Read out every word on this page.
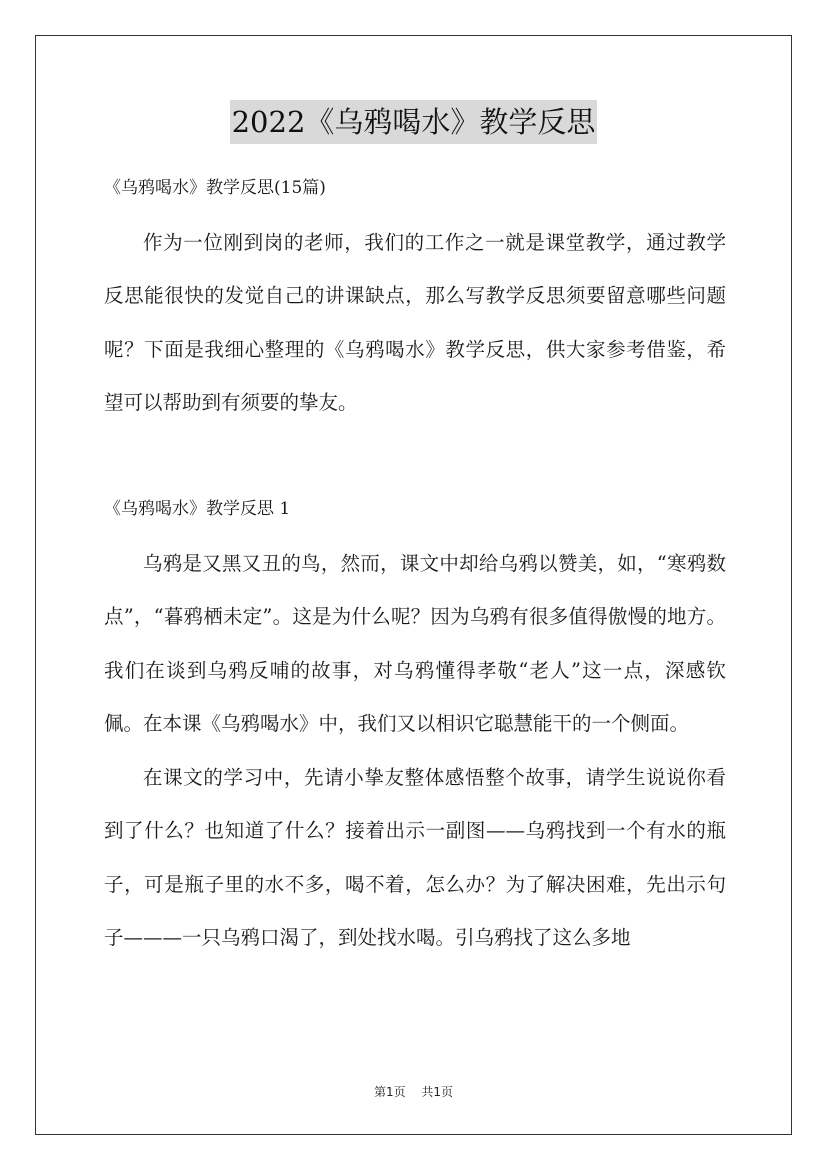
2022《乌鸦喝水》教学反思

《乌鸦喝水》教学反思(15篇)

作为一位刚到岗的老师，我们的工作之一就是课堂教学，通过教学反思能很快的发觉自己的讲课缺点，那么写教学反思须要留意哪些问题呢？下面是我细心整理的《乌鸦喝水》教学反思，供大家参考借鉴，希望可以帮助到有须要的挚友。

《乌鸦喝水》教学反思 1

乌鸦是又黑又丑的鸟，然而，课文中却给乌鸦以赞美，如，“寒鸦数点”，“暮鸦栖未定”。这是为什么呢？因为乌鸦有很多值得傲慢的地方。我们在谈到乌鸦反哺的故事，对乌鸦懂得孝敬“老人”这一点，深感钦佩。在本课《乌鸦喝水》中，我们又以相识它聪慧能干的一个侧面。

在课文的学习中，先请小挚友整体感悟整个故事，请学生说说你看到了什么？也知道了什么？接着出示一副图——乌鸦找到一个有水的瓶子，可是瓶子里的水不多，喝不着，怎么办？为了解决困难，先出示句子———一只乌鸦口渴了，到处找水喝。引乌鸦找了这么多地

第1页 共1页
